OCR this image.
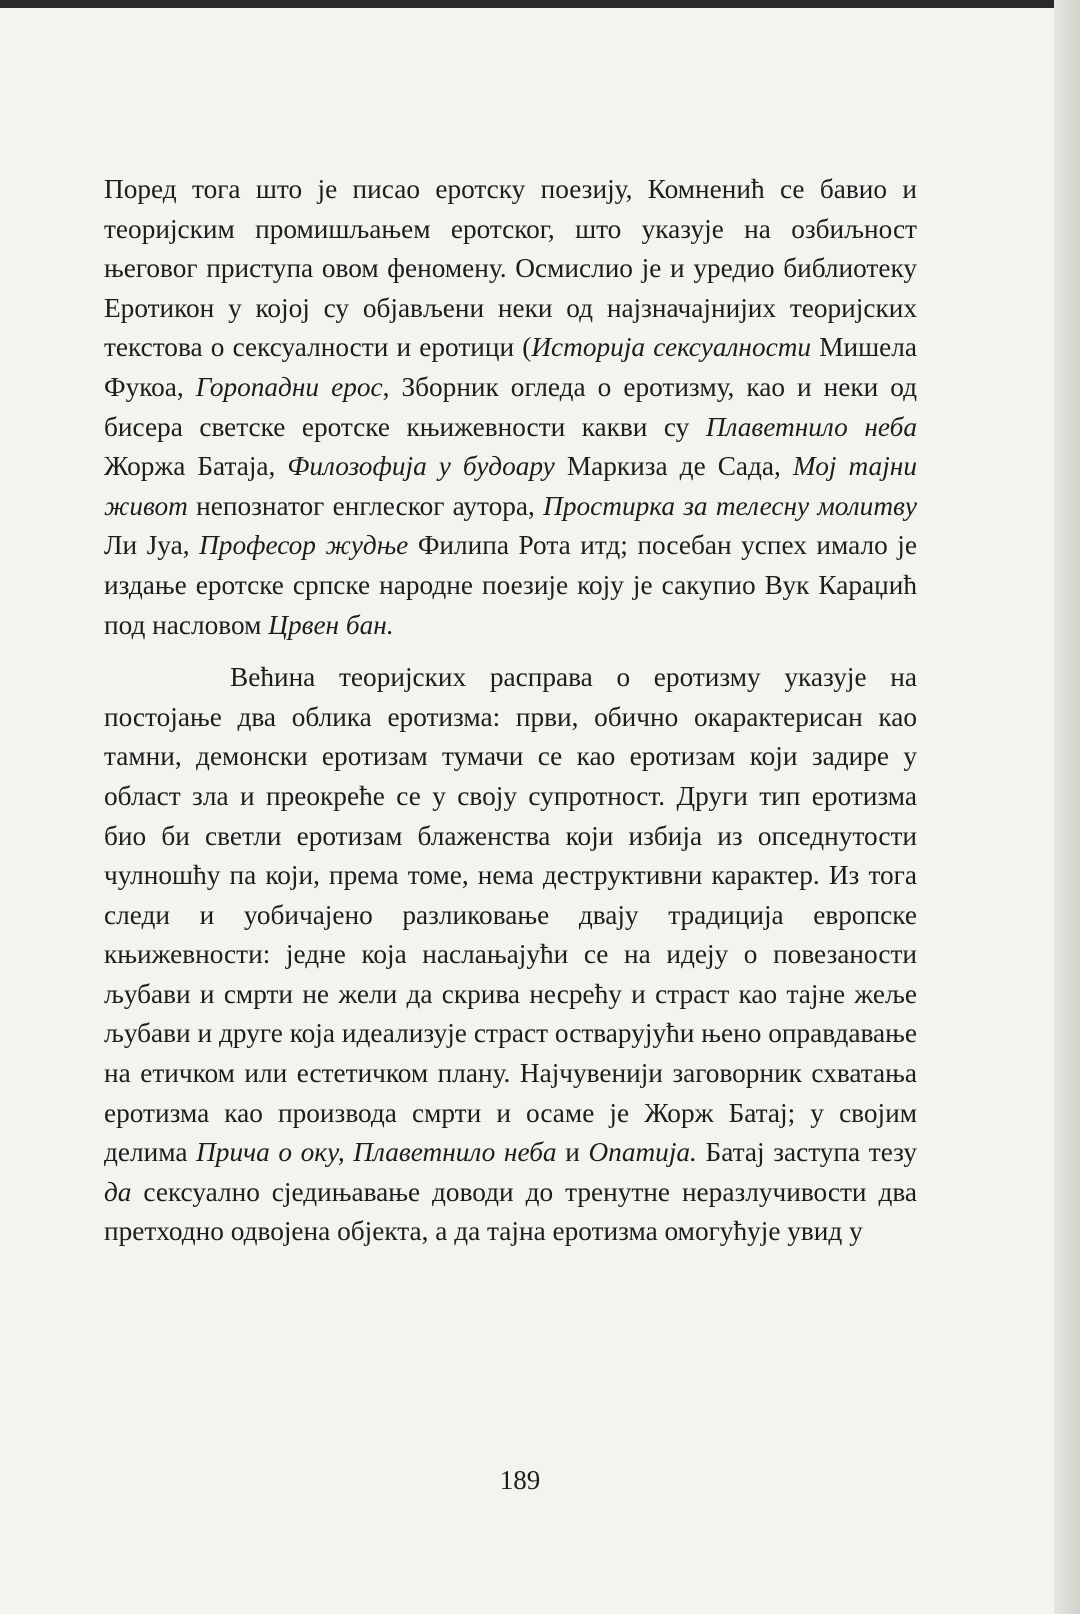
Поред тога што је писао еротску поезију, Комненић се бавио и теоријским промишљањем еротског, што указује на озбиљност његовог приступа овом феномену. Осмислио је и уредио библиотеку Еротикон у којој су објављени неки од најзначајнијих теоријских текстова о сексуалности и еротици (Историја сексуалности Мишела Фукоа, Горопадни ерос, Зборник огледа о еротизму, као и неки од бисера светске еротске књижевности какви су Плаветнило неба Жоржа Батаја, Филозофија у будоару Маркиза де Сада, Мој тајни живот непознатог енглеског аутора, Простирка за телесну молитву Ли Јуа, Професор жудње Филипа Рота итд; посебан успех имало је издање еротске српске народне поезије коју је сакупио Вук Караџић под насловом Црвен бан.

Већина теоријских расправа о еротизму указује на постојање два облика еротизма: први, обично окарактерисан као тамни, демонски еротизам тумачи се као еротизам који задире у област зла и преокреће се у своју супротност. Други тип еротизма био би светли еротизам блаженства који избија из опседнутости чулношћу па који, према томе, нема деструктивни карактер. Из тога следи и уобичајено разликовање двају традиција европске књижевности: једне која наслањајући се на идеју о повезаности љубави и смрти не жели да скрива несрећу и страст као тајне жеље љубави и друге која идеализује страст остварујући њено оправдавање на етичком или естетичком плану. Најчувенији заговорник схватања еротизма као производа смрти и осаме је Жорж Батај; у својим делима Прича о оку, Плаветнило неба и Опатија. Батај заступа тезу да сексуално сједињавање доводи до тренутне неразлучивости два претходно одвојена објекта, а да тајна еротизма омогућује увид у

189
